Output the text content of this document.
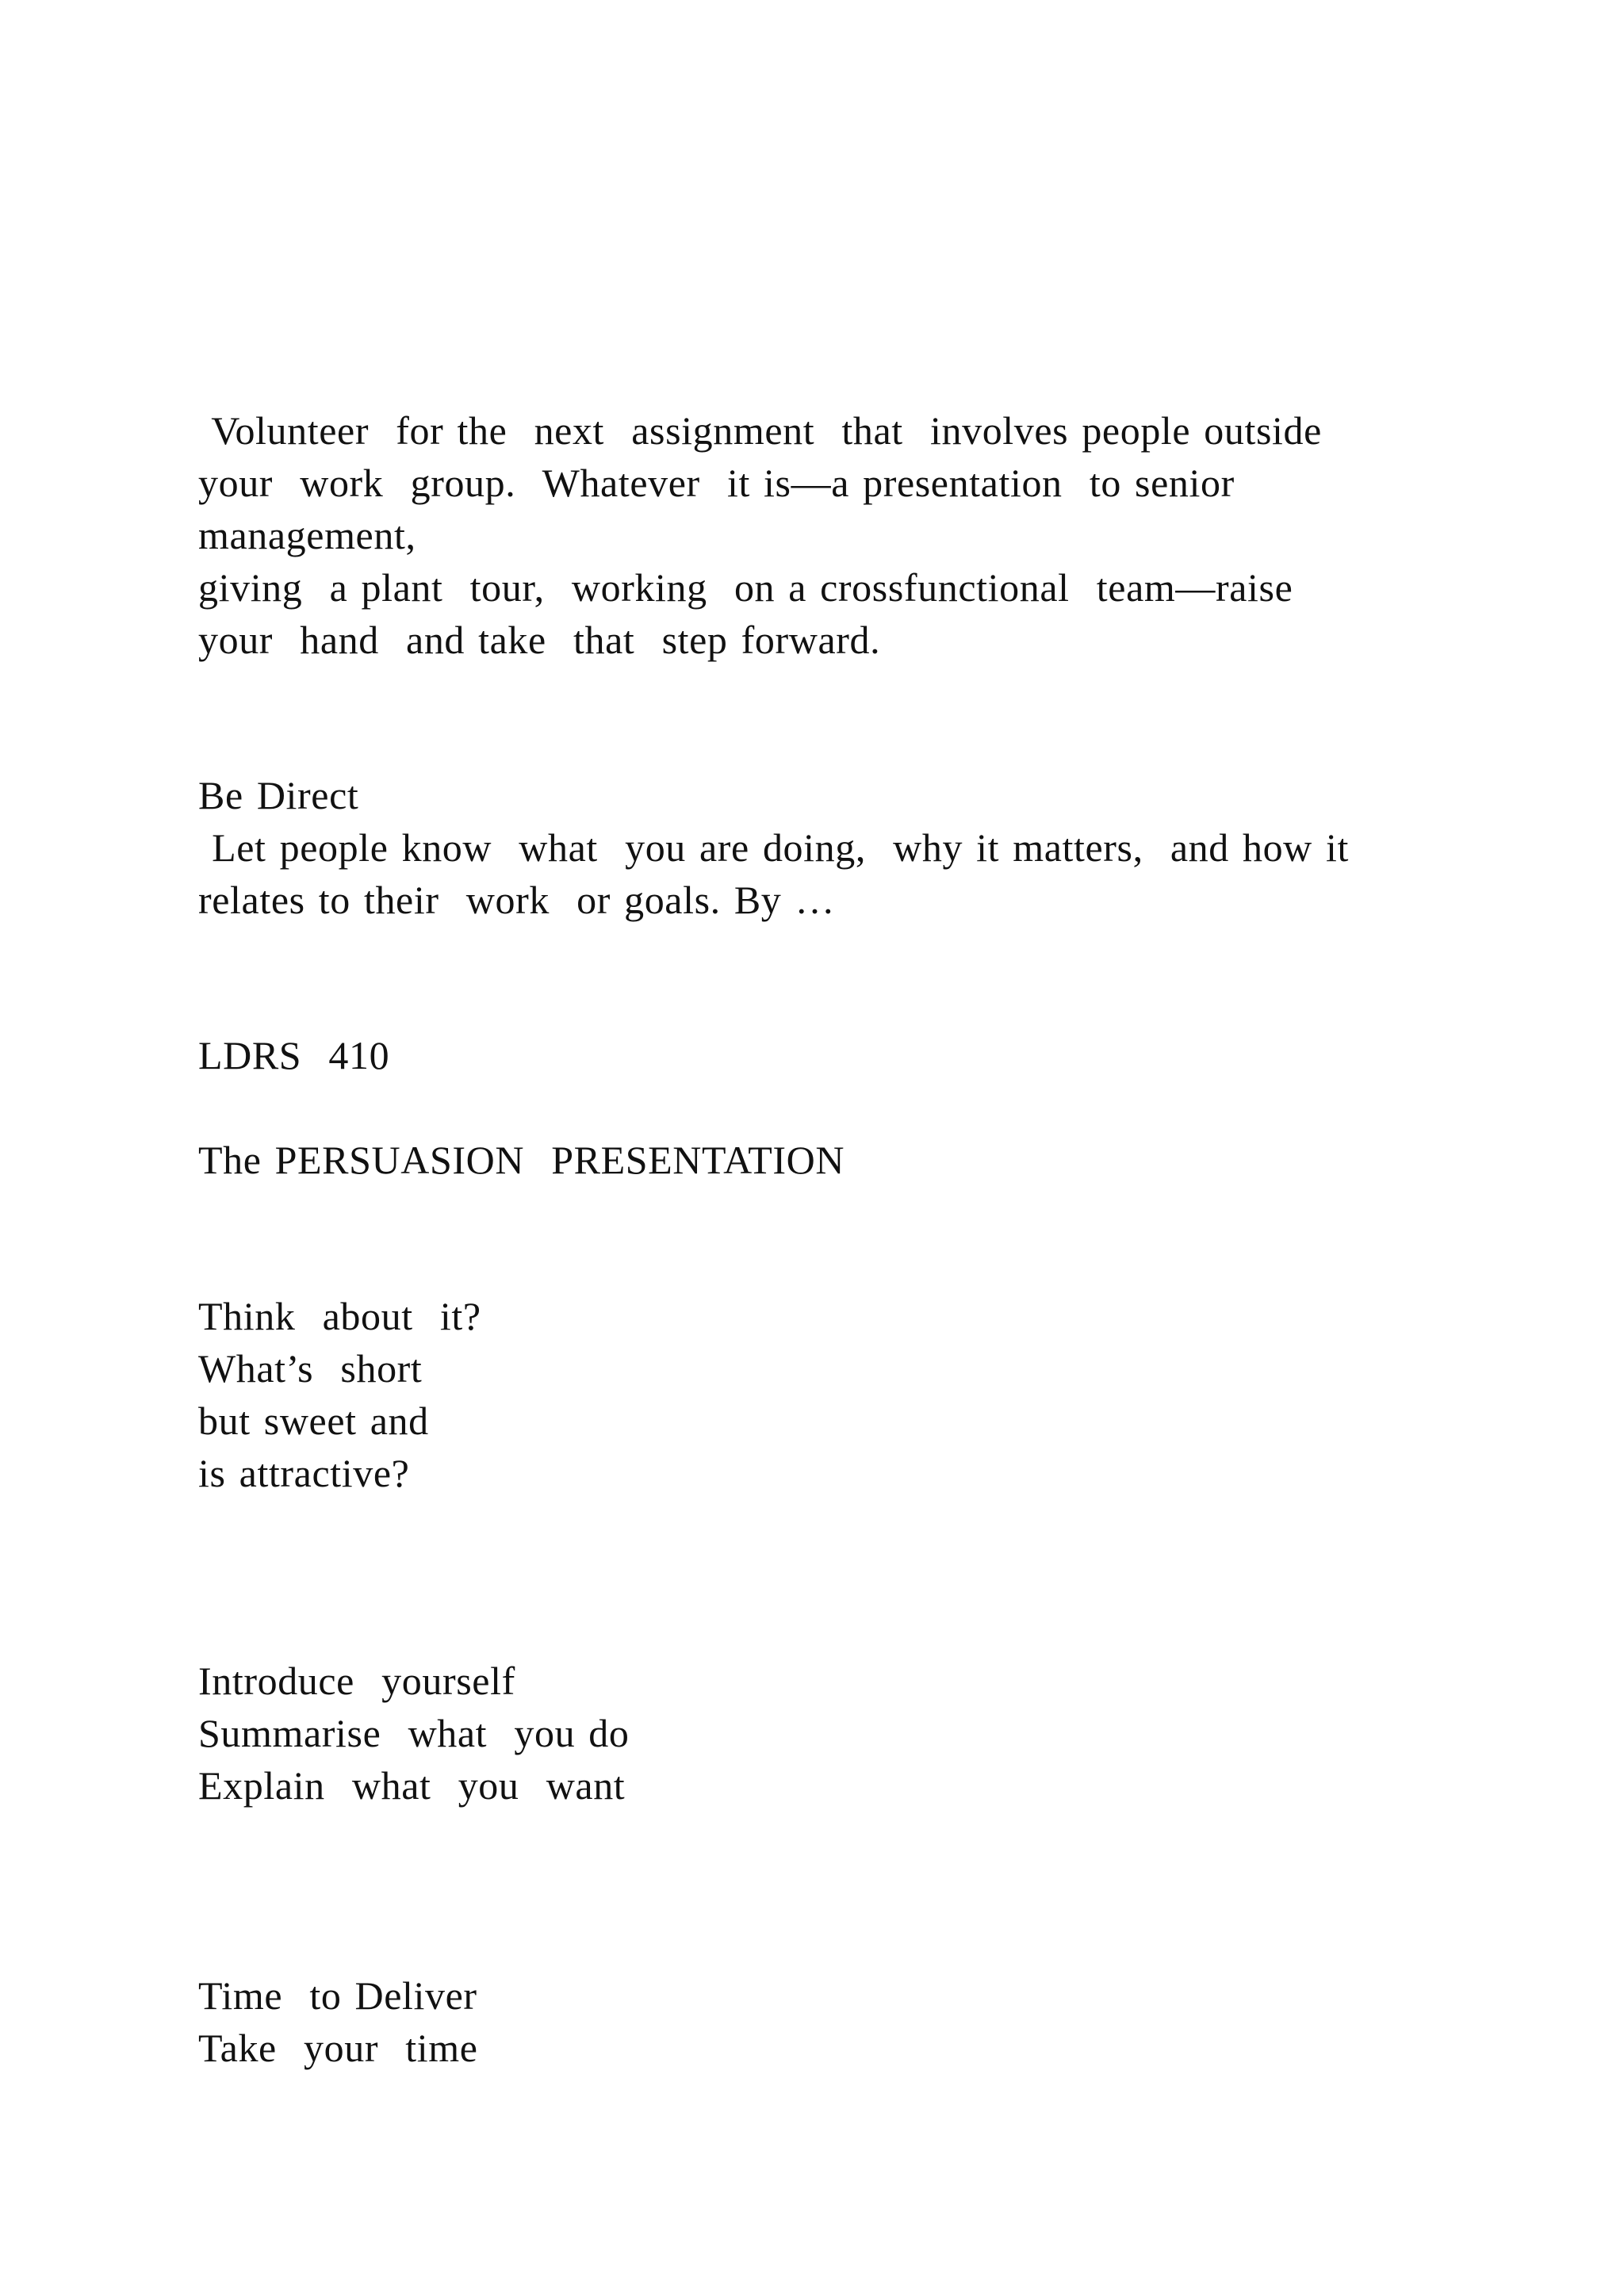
Volunteer  for the  next  assignment  that  involves people outside

your  work  group.  Whatever  it is—a presentation  to senior

management,

giving  a plant  tour,  working  on a crossfunctional  team—raise

your  hand  and take  that  step forward.

Be Direct

Let people know  what  you are doing,  why it matters,  and how it

relates to their  work  or goals. By …

LDRS  410

The PERSUASION  PRESENTATION

Think  about  it?

What’s  short

but sweet and

is attractive?

Introduce  yourself

Summarise  what  you do

Explain  what  you  want

Time  to Deliver

Take  your  time
